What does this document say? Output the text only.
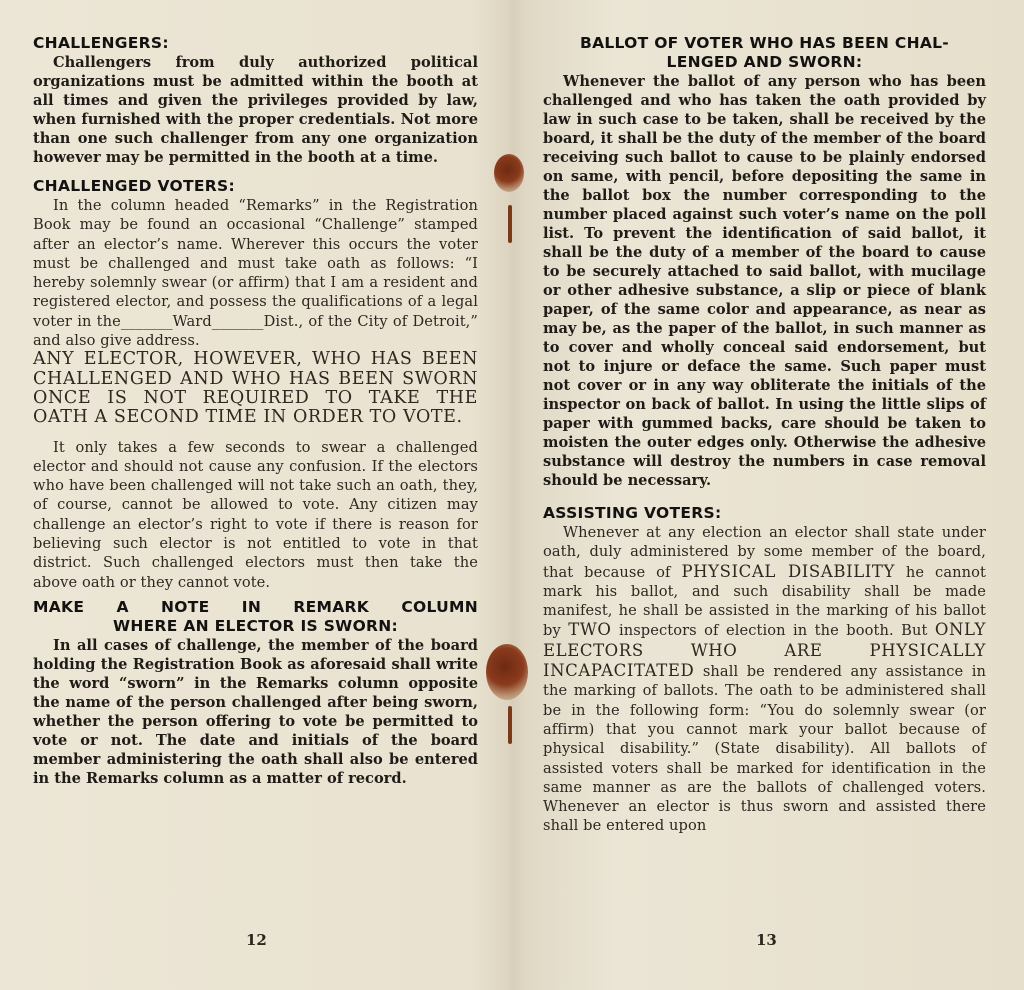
CHALLENGERS:

Challengers from duly authorized political organizations must be admitted within the booth at all times and given the privileges provided by law, when furnished with the proper credentials. Not more than one such challenger from any one organization however may be permitted in the booth at a time.

CHALLENGED VOTERS:

In the column headed “Remarks” in the Registration Book may be found an occasional “Challenge” stamped after an elector’s name. Wherever this occurs the voter must be challenged and must take oath as follows: “I hereby solemnly swear (or affirm) that I am a resident and registered elector, and possess the qualifications of a legal voter in the_______Ward_______Dist., of the City of Detroit,” and also give address.

ANY ELECTOR, HOWEVER, WHO HAS BEEN CHALLENGED AND WHO HAS BEEN SWORN ONCE IS NOT REQUIRED TO TAKE THE OATH A SECOND TIME IN ORDER TO VOTE.

It only takes a few seconds to swear a challenged elector and should not cause any confusion. If the electors who have been challenged will not take such an oath, they, of course, cannot be allowed to vote. Any citizen may challenge an elector’s right to vote if there is reason for believing such elector is not entitled to vote in that district. Such challenged electors must then take the above oath or they cannot vote.

MAKE A NOTE IN REMARK COLUMN
WHERE AN ELECTOR IS SWORN:

In all cases of challenge, the member of the board holding the Registration Book as aforesaid shall write the word “sworn” in the Remarks column opposite the name of the person challenged after being sworn, whether the person offering to vote be permitted to vote or not. The date and initials of the board member administering the oath shall also be entered in the Remarks column as a matter of record.

12
BALLOT OF VOTER WHO HAS BEEN CHAL-
LENGED AND SWORN:

Whenever the ballot of any person who has been challenged and who has taken the oath provided by law in such case to be taken, shall be received by the board, it shall be the duty of the member of the board receiving such ballot to cause to be plainly endorsed on same, with pencil, before depositing the same in the ballot box the number corresponding to the number placed against such voter’s name on the poll list. To prevent the identification of said ballot, it shall be the duty of a member of the board to cause to be securely attached to said ballot, with mucilage or other adhesive substance, a slip or piece of blank paper, of the same color and appearance, as near as may be, as the paper of the ballot, in such manner as to cover and wholly conceal said endorsement, but not to injure or deface the same. Such paper must not cover or in any way obliterate the initials of the inspector on back of ballot. In using the little slips of paper with gummed backs, care should be taken to moisten the outer edges only. Otherwise the adhesive substance will destroy the numbers in case removal should be necessary.

ASSISTING VOTERS:

Whenever at any election an elector shall state under oath, duly administered by some member of the board, that because of PHYSICAL DISABILITY he cannot mark his ballot, and such disability shall be made manifest, he shall be assisted in the marking of his ballot by TWO inspectors of election in the booth. But ONLY ELECTORS WHO ARE PHYSICALLY INCAPACITATED shall be rendered any assistance in the marking of ballots. The oath to be administered shall be in the following form: “You do solemnly swear (or affirm) that you cannot mark your ballot because of physical disability.” (State disability). All ballots of assisted voters shall be marked for identification in the same manner as are the ballots of challenged voters. Whenever an elector is thus sworn and assisted there shall be entered upon

13
